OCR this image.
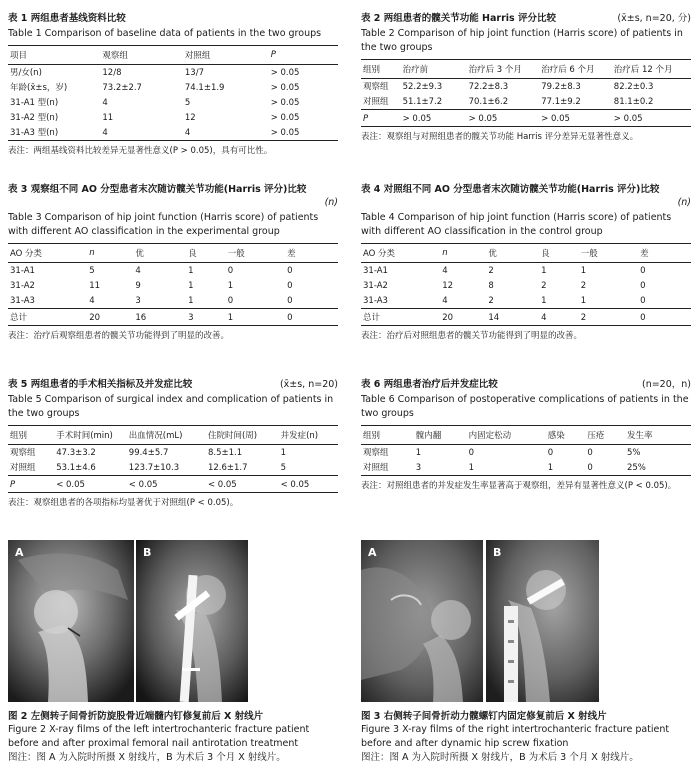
表 1 两组患者基线资料比较
Table 1 Comparison of baseline data of patients in the two groups
项目	观察组	对照组	P
男/女(n)	12/8	13/7	> 0.05
年龄(x̄±s，岁)	73.2±2.7	74.1±1.9	> 0.05
31-A1 型(n)	4	5	> 0.05
31-A2 型(n)	11	12	> 0.05
31-A3 型(n)	4	4	> 0.05
表注：两组基线资料比较差异无显著性意义(P > 0.05)，具有可比性。
表 3 观察组不同 AO 分型患者末次随访髋关节功能(Harris 评分)比较
(n)
Table 3 Comparison of hip joint function (Harris score) of patients with different AO classification in the experimental group
AO 分类	n	优	良	一般	差
31-A1	5	4	1	0	0
31-A2	11	9	1	1	0
31-A3	4	3	1	0	0
总计	20	16	3	1	0
表注：治疗后观察组患者的髋关节功能得到了明显的改善。
表 5 两组患者的手术相关指标及并发症比较	(x̄±s, n=20)
Table 5 Comparison of surgical index and complication of patients in the two groups
组别	手术时间(min)	出血情况(mL)	住院时间(周)	并发症(n)
观察组	47.3±3.2	99.4±5.7	8.5±1.1	1
对照组	53.1±4.6	123.7±10.3	12.6±1.7	5
P	< 0.05	< 0.05	< 0.05	< 0.05
表注：观察组患者的各项指标均显著优于对照组(P < 0.05)。
A	B
图 2 左侧转子间骨折防旋股骨近端髓内钉修复前后 X 射线片
Figure 2 X-ray films of the left intertrochanteric fracture patient before and after proximal femoral nail antirotation treatment
图注：图 A 为入院时所摄 X 射线片，B 为术后 3 个月 X 射线片。
表 2 两组患者的髋关节功能 Harris 评分比较	(x̄±s, n=20, 分)
Table 2 Comparison of hip joint function (Harris score) of patients in the two groups
组别	治疗前	治疗后 3 个月	治疗后 6 个月	治疗后 12 个月
观察组	52.2±9.3	72.2±8.3	79.2±8.3	82.2±0.3
对照组	51.1±7.2	70.1±6.2	77.1±9.2	81.1±0.2
P	> 0.05	> 0.05	> 0.05	> 0.05
表注：观察组与对照组患者的髋关节功能 Harris 评分差异无显著性意义。
表 4 对照组不同 AO 分型患者末次随访髋关节功能(Harris 评分)比较
(n)
Table 4 Comparison of hip joint function (Harris score) of patients with different AO classification in the control group
AO 分类	n	优	良	一般	差
31-A1	4	2	1	1	0
31-A2	12	8	2	2	0
31-A3	4	2	1	1	0
总计	20	14	4	2	0
表注：治疗后对照组患者的髋关节功能得到了明显的改善。
表 6 两组患者治疗后并发症比较	(n=20，n)
Table 6 Comparison of postoperative complications of patients in the two groups
组别	髋内翻	内固定松动	感染	压疮	发生率
观察组	1	0	0	0	5%
对照组	3	1	1	0	25%
表注：对照组患者的并发症发生率显著高于观察组，差异有显著性意义(P < 0.05)。
A	B
图 3 右侧转子间骨折动力髋螺钉内固定修复前后 X 射线片
Figure 3 X-ray films of the right intertrochanteric fracture patient before and after dynamic hip screw fixation
图注：图 A 为入院时所摄 X 射线片，B 为术后 3 个月 X 射线片。
